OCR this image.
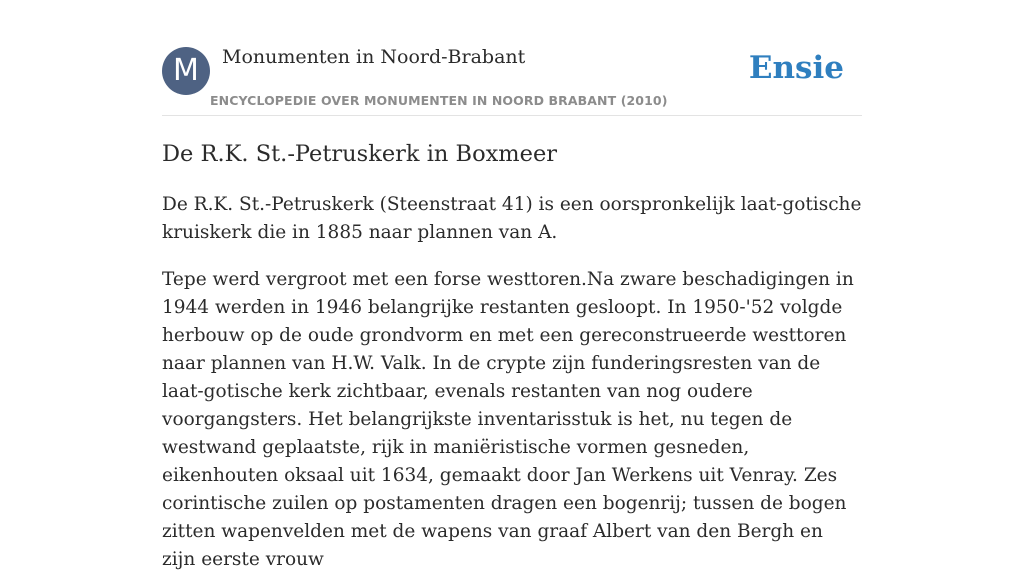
M	Monumenten in Noord-Brabant
ENCYCLOPEDIE OVER MONUMENTEN IN NOORD BRABANT (2010)
Ensie
De R.K. St.-Petruskerk in Boxmeer

De R.K. St.-Petruskerk (Steenstraat 41) is een oorspronkelijk laat-gotische kruiskerk die in 1885 naar plannen van A.

Tepe werd vergroot met een forse westtoren.Na zware beschadigingen in 1944 werden in 1946 belangrijke restanten gesloopt. In 1950-'52 volgde herbouw op de oude grondvorm en met een gereconstrueerde westtoren naar plannen van H.W. Valk. In de crypte zijn funderingsresten van de laat-gotische kerk zichtbaar, evenals restanten van nog oudere voorgangsters. Het belangrijkste inventarisstuk is het, nu tegen de westwand geplaatste, rijk in maniëristische vormen gesneden, eikenhouten oksaal uit 1634, gemaakt door Jan Werkens uit Venray. Zes corintische zuilen op postamenten dragen een bogenrij; tussen de bogen zitten wapenvelden met de wapens van graaf Albert van den Bergh en zijn eerste vrouw
